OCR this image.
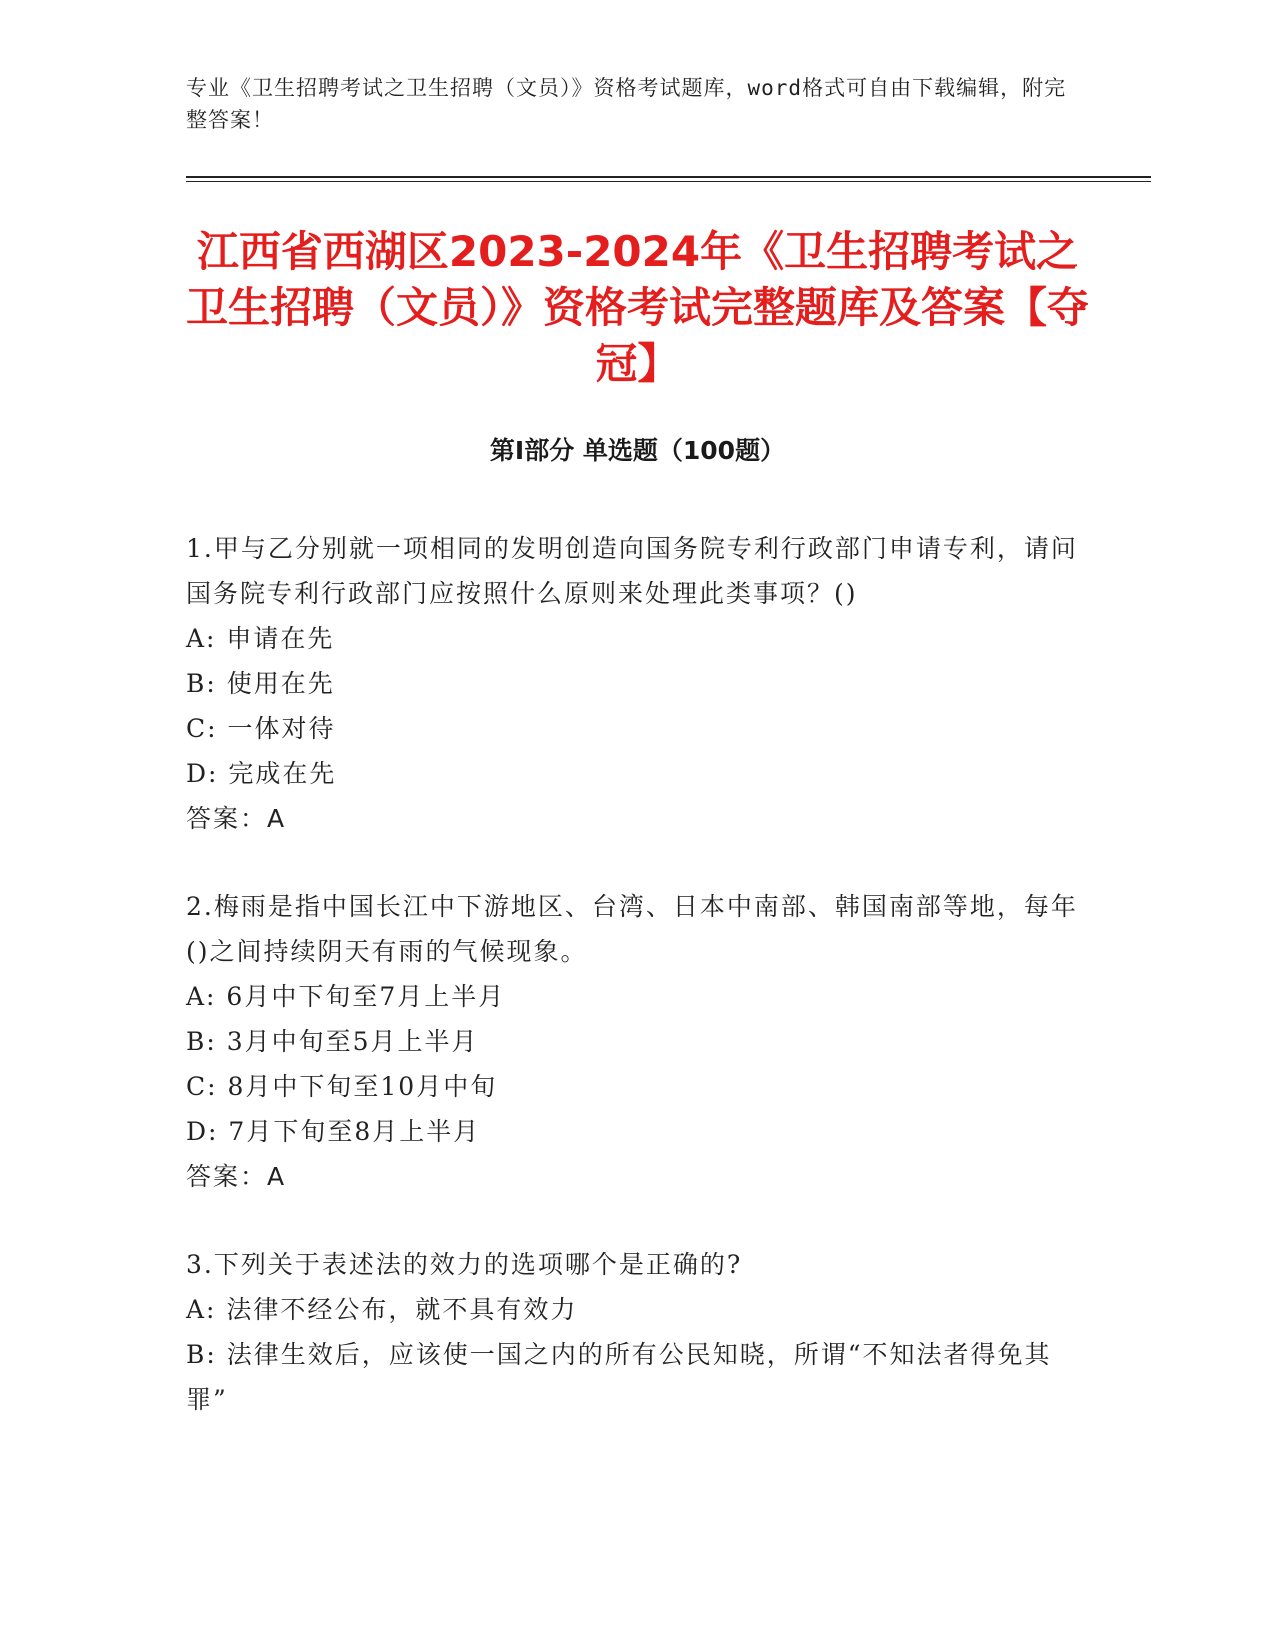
专业《卫生招聘考试之卫生招聘（文员）》资格考试题库，word格式可自由下载编辑，附完整答案！
江西省西湖区2023-2024年《卫生招聘考试之卫生招聘（文员）》资格考试完整题库及答案【夺冠】
第I部分 单选题（100题）

1.甲与乙分别就一项相同的发明创造向国务院专利行政部门申请专利，请问国务院专利行政部门应按照什么原则来处理此类事项？()

A: 申请在先

B: 使用在先

C: 一体对待

D: 完成在先

答案：A

2.梅雨是指中国长江中下游地区、台湾、日本中南部、韩国南部等地，每年()之间持续阴天有雨的气候现象。

A: 6月中下旬至7月上半月

B: 3月中旬至5月上半月

C: 8月中下旬至10月中旬

D: 7月下旬至8月上半月

答案：A

3.下列关于表述法的效力的选项哪个是正确的?

A: 法律不经公布，就不具有效力

B: 法律生效后，应该使一国之内的所有公民知晓，所谓“不知法者得免其罪”
